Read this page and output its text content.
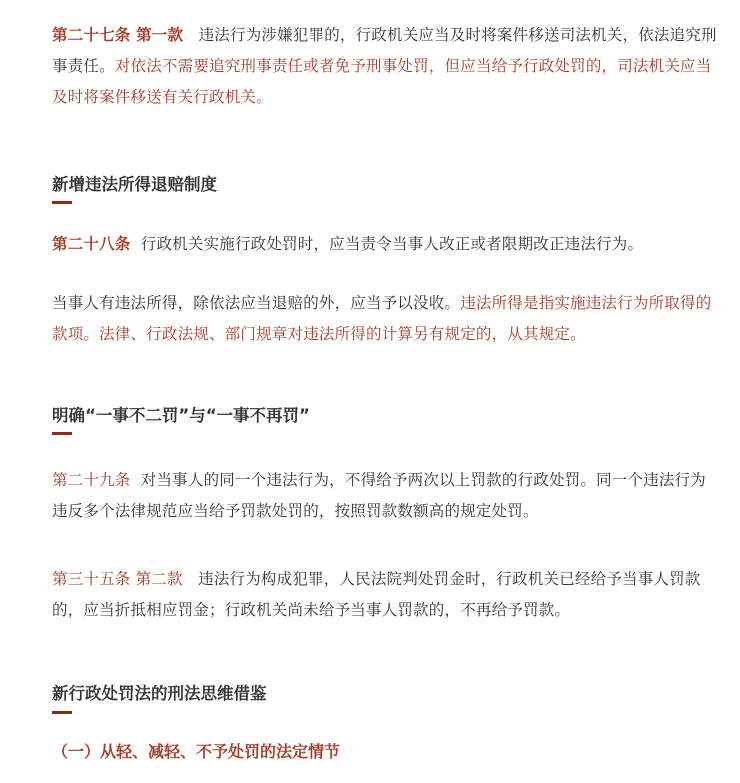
第二十七条 第一款 违法行为涉嫌犯罪的，行政机关应当及时将案件移送司法机关，依法追究刑事责任。对依法不需要追究刑事责任或者免予刑事处罚，但应当给予行政处罚的，司法机关应当及时将案件移送有关行政机关。

新增违法所得退赔制度

第二十八条 行政机关实施行政处罚时，应当责令当事人改正或者限期改正违法行为。

当事人有违法所得，除依法应当退赔的外，应当予以没收。违法所得是指实施违法行为所取得的款项。法律、行政法规、部门规章对违法所得的计算另有规定的，从其规定。

明确“一事不二罚”与“一事不再罚”

第二十九条 对当事人的同一个违法行为，不得给予两次以上罚款的行政处罚。同一个违法行为违反多个法律规范应当给予罚款处罚的，按照罚款数额高的规定处罚。

第三十五条 第二款 违法行为构成犯罪，人民法院判处罚金时，行政机关已经给予当事人罚款的，应当折抵相应罚金；行政机关尚未给予当事人罚款的，不再给予罚款。

新行政处罚法的刑法思维借鉴
（一）从轻、减轻、不予处罚的法定情节
